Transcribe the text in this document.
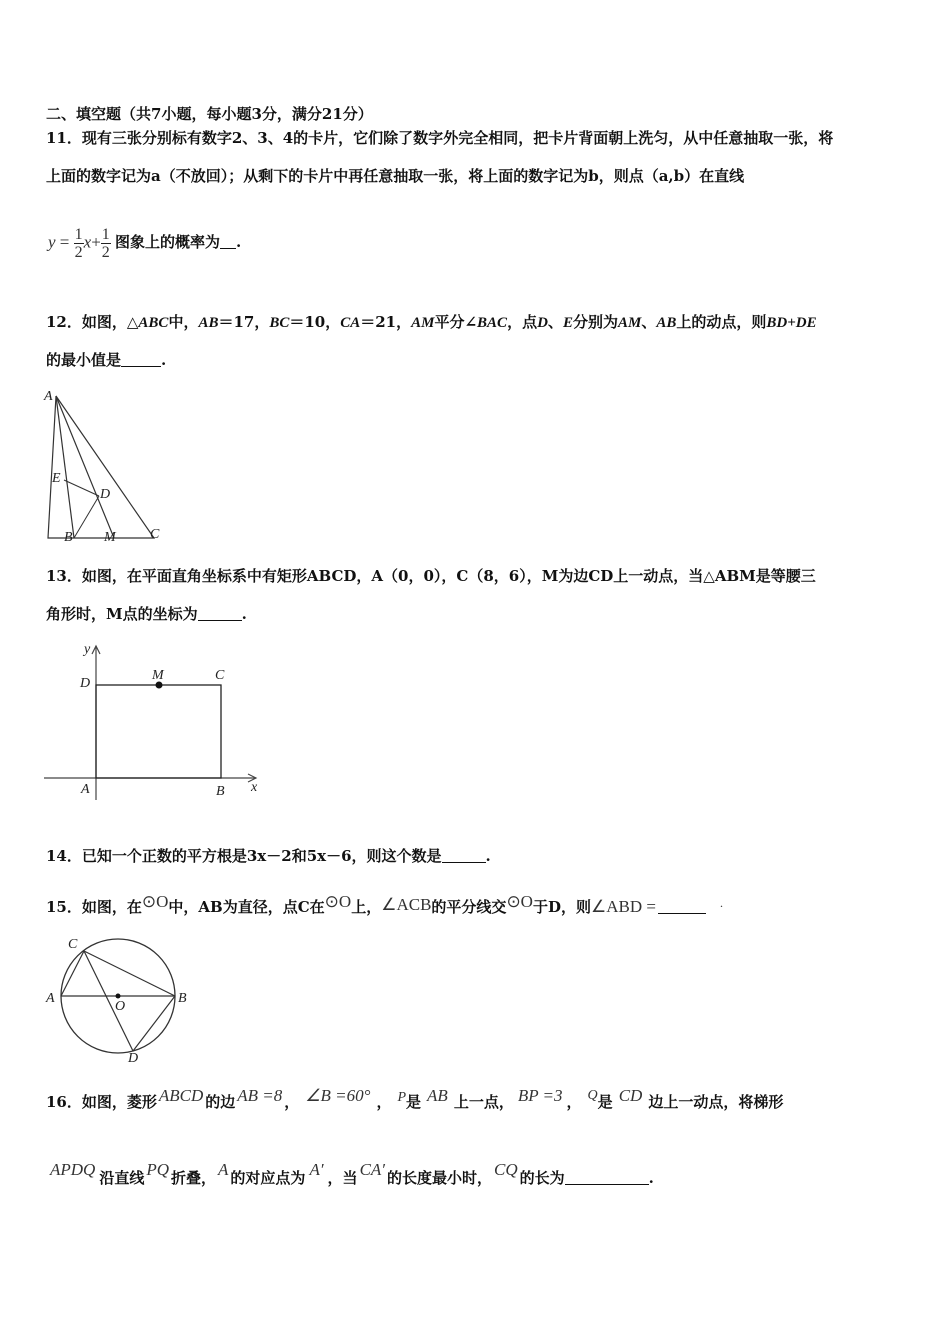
二、填空题（共7小题，每小题3分，满分21分）
11．现有三张分别标有数字2、3、4的卡片，它们除了数字外完全相同，把卡片背面朝上洗匀，从中任意抽取一张，将
上面的数字记为a（不放回）；从剩下的卡片中再任意抽取一张，将上面的数字记为b，则点（a,b）在直线
$y = \frac{1}{2} x+ \frac{1}{2}$ 图象上的概率为 .
12．如图，△ABC中，AB＝17，BC＝10，CA＝21，AM平分∠BAC，点D、E分别为AM、AB上的动点，则BD+DE
的最小值是	.
A
E
D
B M C
13．如图，在平面直角坐标系中有矩形ABCD，A（0，0），C（8，6），M为边CD上一动点，当△ABM是等腰三
角形时，M点的坐标为	.
y
x
D
M	C
A	B
14．已知一个正数的平方根是3x－2和5x－6，则这个数是	.
15．如图，在⊙O中，AB为直径，点C在⊙O上，∠ACB的平分线交⊙O于D，则∠ABD =	.
C
A
O
B
D
16．如图，菱形 ABCD 的边 AB =8 ， ∠B =60° ， P是 AB 上一点， BP =3 ， Q是 CD 边上一动点，将梯形
APDQ 沿直线 PQ 折叠， A 的对应点为 A′ ，当 CA′ 的长度最小时， CQ 的长为	.
